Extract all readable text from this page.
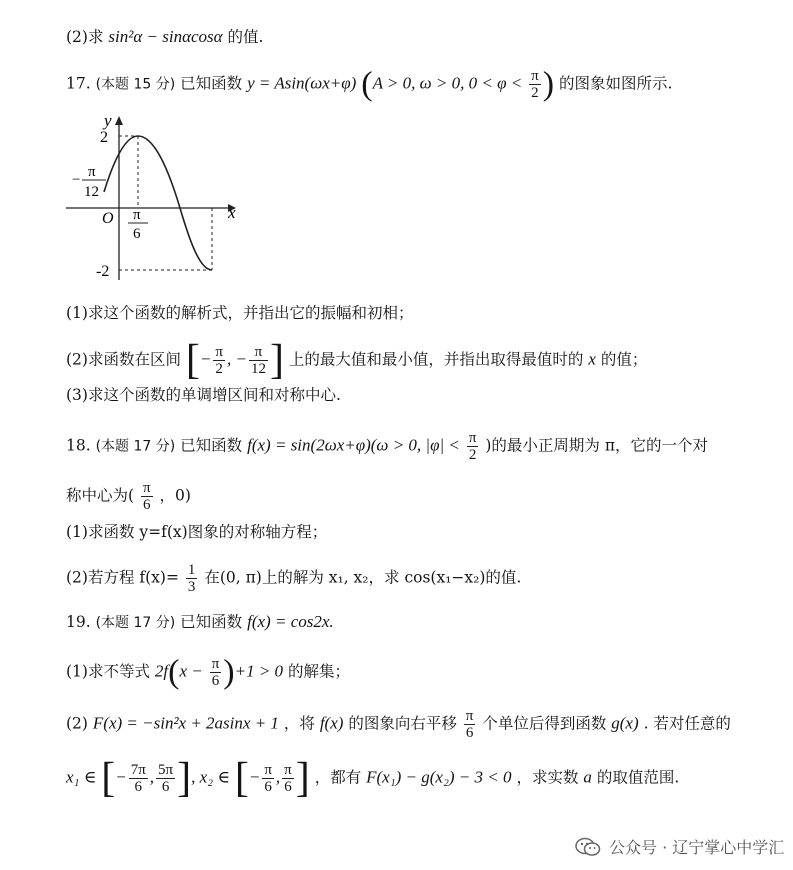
(2)求 sin²α − sinαcosα 的值.
17. (本题 15 分) 已知函数 y = Asin(ωx+φ) (A > 0, ω > 0, $0 < \varphi < \frac{\pi}{2}$ ) 的图象如图所示.
y
x
O
2
-2
− π
12
π
6
(1)求这个函数的解析式，并指出它的振幅和初相；
(2)求函数在区间 [− $\frac{\pi}{2}$ , − $\frac{\pi}{12}$ ] 上的最大值和最小值，并指出取得最值时的 x 的值；
(3)求这个函数的单调增区间和对称中心.
18. (本题 17 分) 已知函数 f(x) = sin(2ωx+φ)(ω > 0, $|\varphi| < \frac{\pi}{2}$ )的最小正周期为 π，它的一个对
称中心为( $\frac{\pi}{6}$ ，0)
(1)求函数 y=f(x)图象的对称轴方程；
(2)若方程 $f(x)= \frac{1}{3}$ 在(0, π)上的解为 x₁, x₂，求 cos(x₁−x₂)的值.
19. (本题 17 分) 已知函数 f(x) = cos2x.
(1)求不等式 $2f(x - \frac{\pi}{6} )+1 > 0$ 的解集；
(2) F(x) = −sin²x + 2asinx + 1 ，将 f(x) 的图象向右平移 $\frac{\pi}{6}$ 个单位后得到函数 g(x) . 若对任意的
x₁ ∈ [− $\frac{7\pi}{6}$ , $\frac{5\pi}{6}$ ], x₂ ∈ [− $\frac{\pi}{6}$ , $\frac{\pi}{6}$ ] ，都有 F(x₁) − g(x₂) − 3 < 0 ，求实数 a 的取值范围.
公众号 · 辽宁掌心中学汇
